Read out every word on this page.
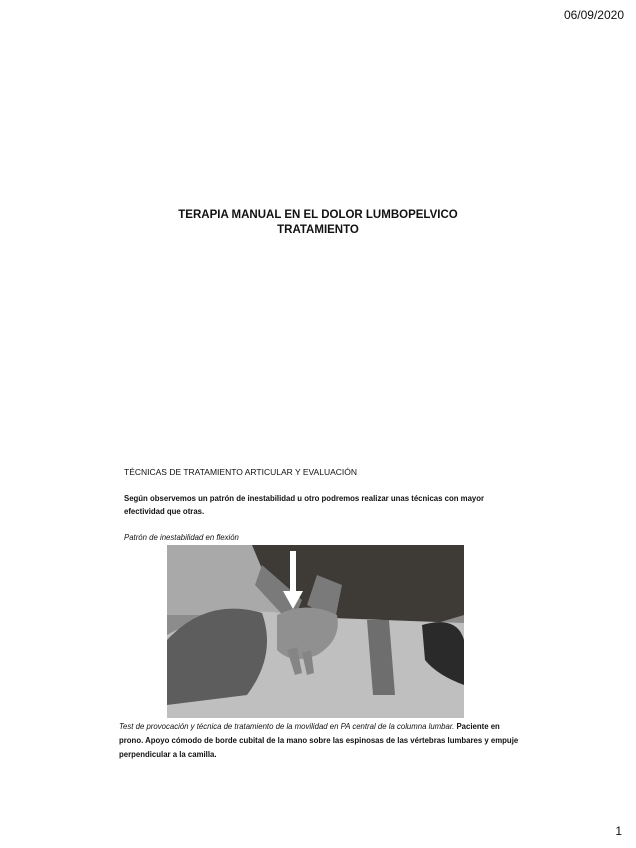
06/09/2020
TERAPIA MANUAL EN EL DOLOR LUMBOPELVICO
TRATAMIENTO
TÉCNICAS DE TRATAMIENTO ARTICULAR Y EVALUACIÓN
Según observemos un patrón de inestabilidad u otro podremos realizar unas técnicas con mayor efectividad que otras.
Patrón de inestabilidad en flexión
Test de provocación y técnica de tratamiento de la movilidad en PA central de la columna lumbar. Paciente en prono. Apoyo cómodo de borde cubital de la mano sobre las espinosas de las vértebras lumbares y empuje perpendicular a la camilla.
1
